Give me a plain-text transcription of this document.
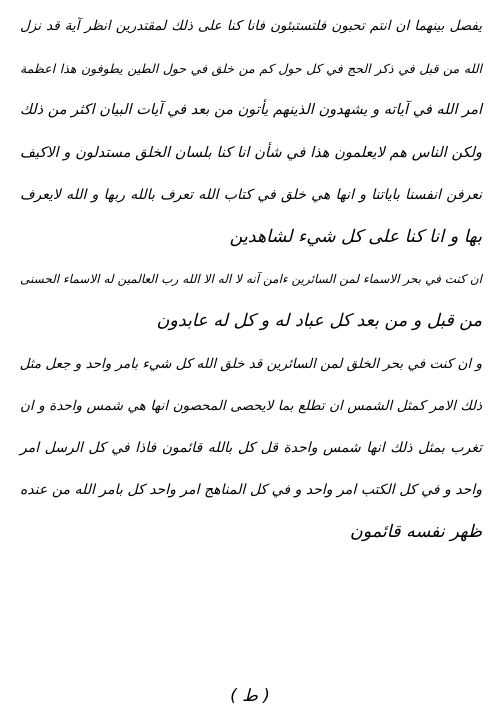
يفصل بينهما ان انتم تحبون فلتستبئون فانا كنا على ذلك لمقتدرين انظر آية قد نزل
الله من قبل في ذكر الحج في كل حول كم من خلق في حول الطين يطوفون هذا اعظمة
امر الله في آياته و يشهدون الذينهم يأتون من بعد في آيات البيان اكثر من ذلك
ولكن الناس هم لايعلمون هذا في شأن انا كنا بلسان الخلق مستدلون و الاكيف
نعرفن انفسنا باياتنا و انها هي خلق في كتاب الله تعرف بالله ربها و الله لايعرف
بها و انا كنا على كل شيء لشاهدين
ان كنت في بحر الاسماء لمن السائرين ءامن آنه لا اله الا الله رب العالمين له الاسماء الحسنى
من قبل و من بعد كل عباد له و كل له عابدون
و ان كنت في بحر الخلق لمن السائرين قد خلق الله كل شيء بامر واحد و جعل مثل
ذلك الامر كمثل الشمس ان تطلع بما لايحصى المحصون انها هي شمس واحدة و ان
تغرب بمثل ذلك انها شمس واحدة قل كل بالله قائمون فاذا في كل الرسل امر
واحد و في كل الكتب امر واحد و في كل المناهج امر واحد كل بامر الله من عنده
ظهر نفسه قائمون
( ط )
